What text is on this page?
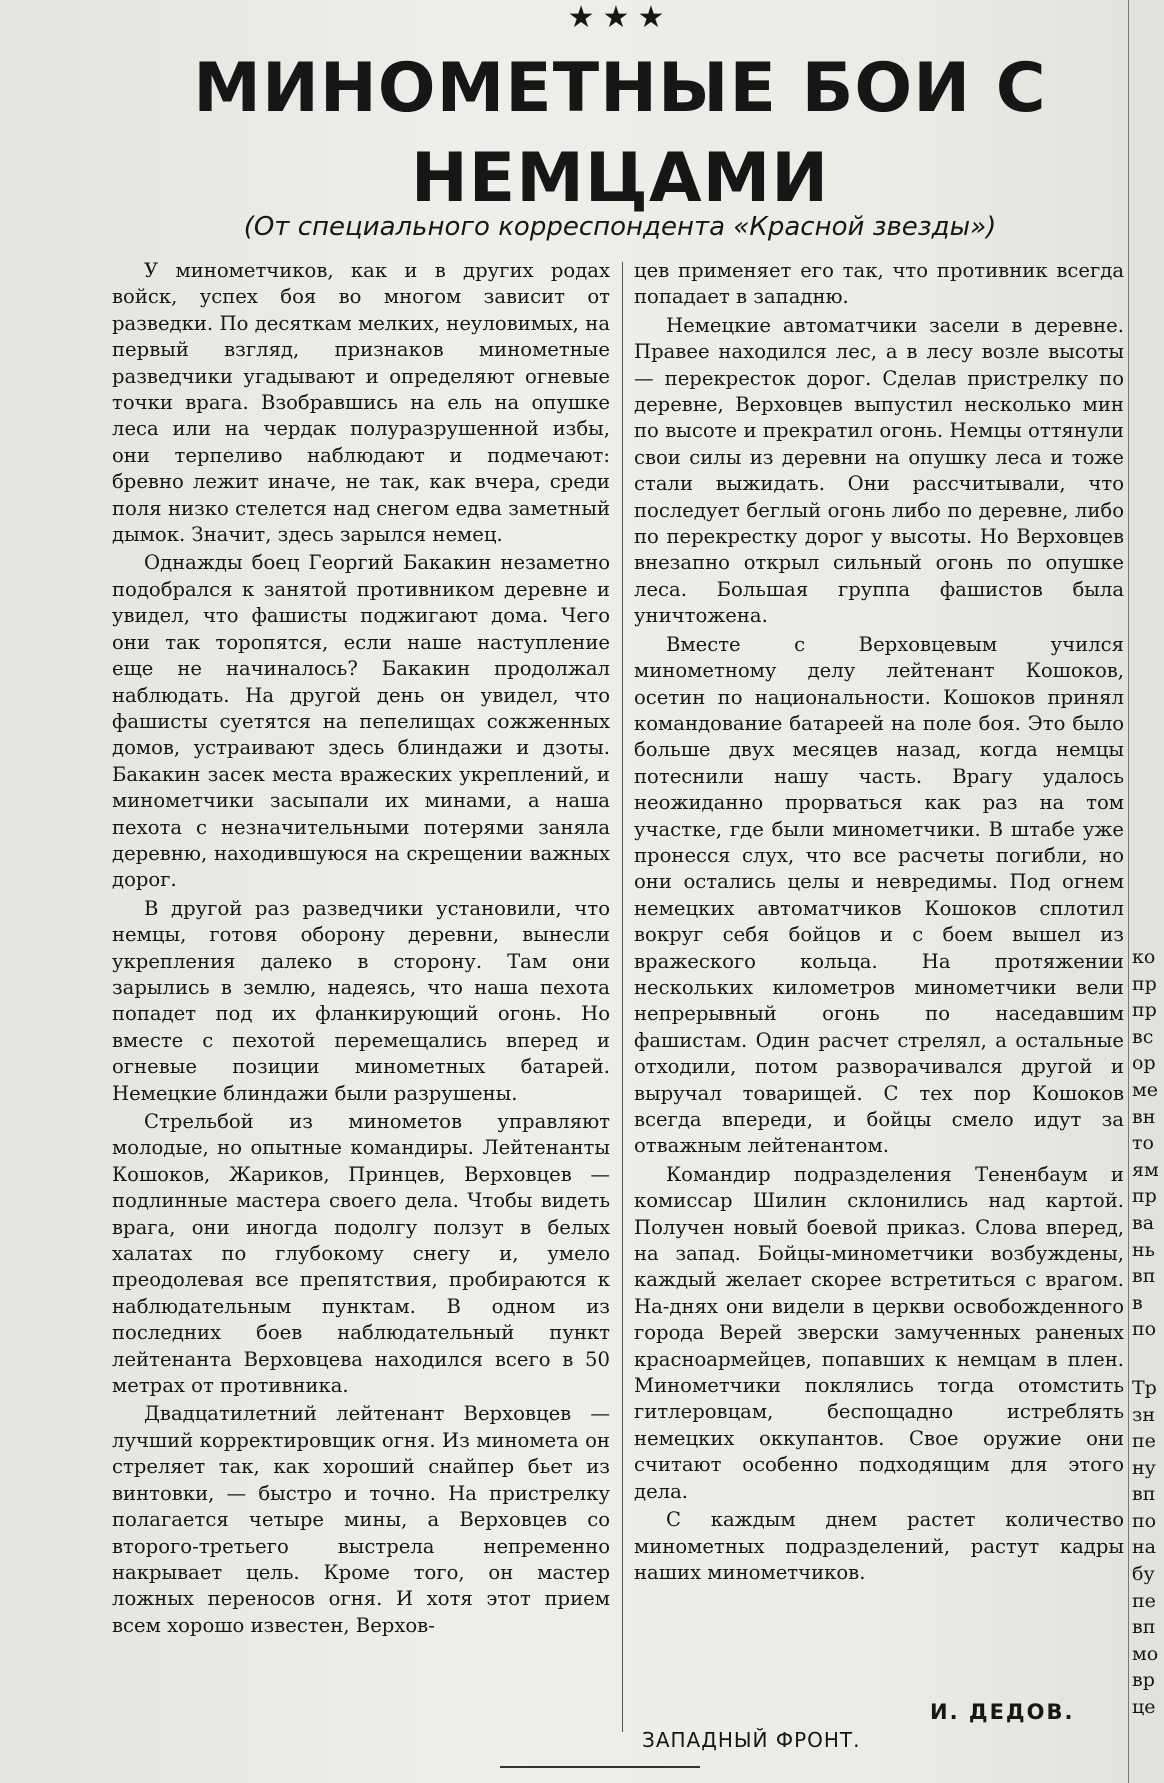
★★★
МИНОМЕТНЫЕ БОИ С
НЕМЦАМИ

(От специального корреспондента «Красной звезды»)

У минометчиков, как и в других родах войск, успех боя во многом зависит от разведки. По десяткам мелких, неуловимых, на первый взгляд, признаков минометные разведчики угадывают и определяют огневые точки врага. Взобравшись на ель на опушке леса или на чердак полуразрушенной избы, они терпеливо наблюдают и подмечают: бревно лежит иначе, не так, как вчера, среди поля низко стелется над снегом едва заметный дымок. Значит, здесь зарылся немец.

Однажды боец Георгий Бакакин незаметно подобрался к занятой противником деревне и увидел, что фашисты поджигают дома. Чего они так торопятся, если наше наступление еще не начиналось? Бакакин продолжал наблюдать. На другой день он увидел, что фашисты суетятся на пепелищах сожженных домов, устраивают здесь блиндажи и дзоты. Бакакин засек места вражеских укреплений, и минометчики засыпали их минами, а наша пехота с незначительными потерями заняла деревню, находившуюся на скрещении важных дорог.

В другой раз разведчики установили, что немцы, готовя оборону деревни, вынесли укрепления далеко в сторону. Там они зарылись в землю, надеясь, что наша пехота попадет под их фланкирующий огонь. Но вместе с пехотой перемещались вперед и огневые позиции минометных батарей. Немецкие блиндажи были разрушены.

Стрельбой из минометов управляют молодые, но опытные командиры. Лейтенанты Кошоков, Жариков, Принцев, Верховцев — подлинные мастера своего дела. Чтобы видеть врага, они иногда подолгу ползут в белых халатах по глубокому снегу и, умело преодолевая все препятствия, пробираются к наблюдательным пунктам. В одном из последних боев наблюдательный пункт лейтенанта Верховцева находился всего в 50 метрах от противника.

Двадцатилетний лейтенант Верховцев — лучший корректировщик огня. Из миномета он стреляет так, как хороший снайпер бьет из винтовки, — быстро и точно. На пристрелку полагается четыре мины, а Верховцев со второго-третьего выстрела непременно накрывает цель. Кроме того, он мастер ложных переносов огня. И хотя этот прием всем хорошо известен, Верхов-

цев применяет его так, что противник всегда попадает в западню.

Немецкие автоматчики засели в деревне. Правее находился лес, а в лесу возле высоты — перекресток дорог. Сделав пристрелку по деревне, Верховцев выпустил несколько мин по высоте и прекратил огонь. Немцы оттянули свои силы из деревни на опушку леса и тоже стали выжидать. Они рассчитывали, что последует беглый огонь либо по деревне, либо по перекрестку дорог у высоты. Но Верховцев внезапно открыл сильный огонь по опушке леса. Большая группа фашистов была уничтожена.

Вместе с Верховцевым учился минометному делу лейтенант Кошоков, осетин по национальности. Кошоков принял командование батареей на поле боя. Это было больше двух месяцев назад, когда немцы потеснили нашу часть. Врагу удалось неожиданно прорваться как раз на том участке, где были минометчики. В штабе уже пронесся слух, что все расчеты погибли, но они остались целы и невредимы. Под огнем немецких автоматчиков Кошоков сплотил вокруг себя бойцов и с боем вышел из вражеского кольца. На протяжении нескольких километров минометчики вели непрерывный огонь по наседавшим фашистам. Один расчет стрелял, а остальные отходили, потом разворачивался другой и выручал товарищей. С тех пор Кошоков всегда впереди, и бойцы смело идут за отважным лейтенантом.

Командир подразделения Тененбаум и комиссар Шилин склонились над картой. Получен новый боевой приказ. Слова вперед, на запад. Бойцы-минометчики возбуждены, каждый желает скорее встретиться с врагом. На-днях они видели в церкви освобожденного города Верей зверски замученных раненых красноармейцев, попавших к немцам в плен. Минометчики поклялись тогда отомстить гитлеровцам, беспощадно истреблять немецких оккупантов. Свое оружие они считают особенно подходящим для этого дела.

С каждым днем растет количество минометных подразделений, растут кадры наших минометчиков.

И. ДЕДОВ.

ЗАПАДНЫЙ ФРОНТ.

ко
пр
пр
вс
ор
ме
вн
то
ям
пр
ва
нь
вп
в
по
Тр
зн
пе
ну
вп
по
на
бу
пе
вп
мо
вр
це
